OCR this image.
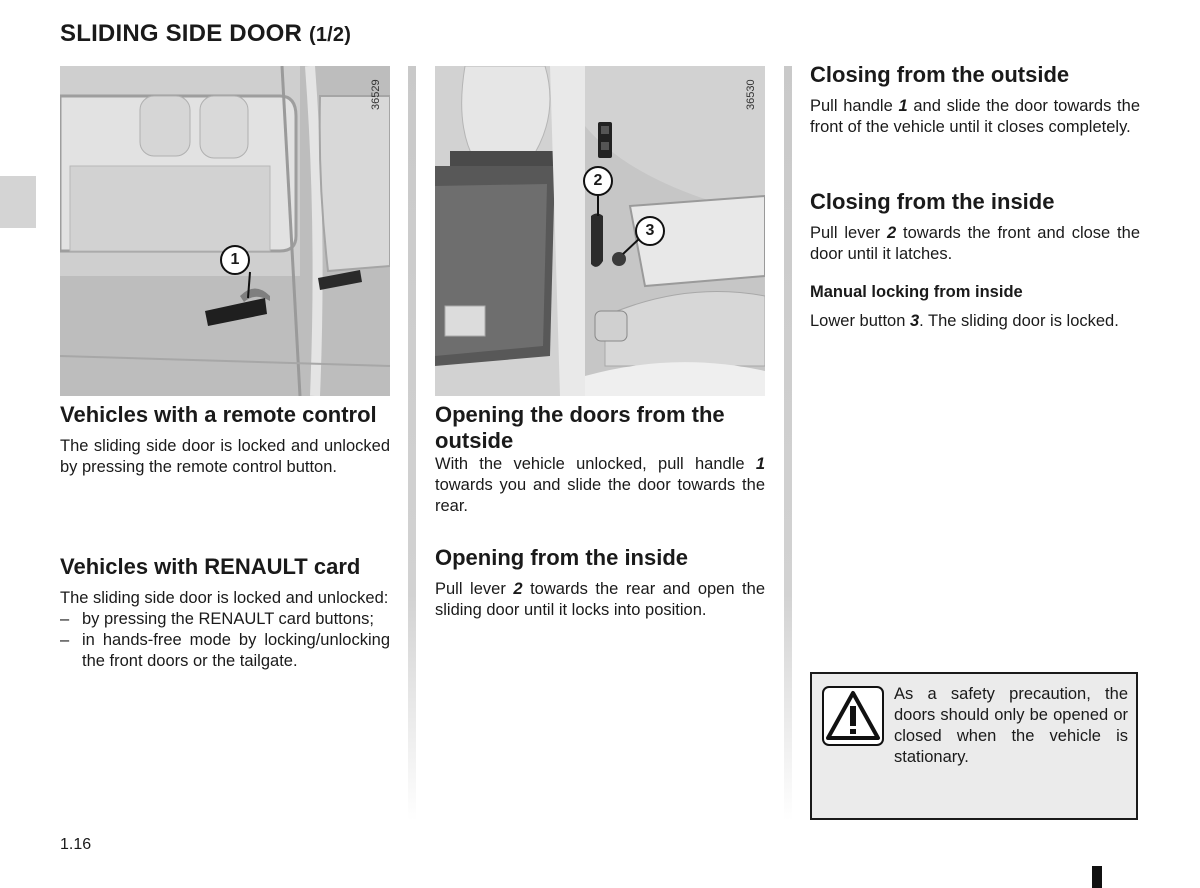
SLIDING SIDE DOOR (1/2)
36529
1
36530
2
3
Vehicles with a remote control
The sliding side door is locked and unlocked by pressing the remote control button.
Vehicles with RENAULT card
The sliding side door is locked and unlocked:
– by pressing the RENAULT card buttons;
– in hands-free mode by locking/unlocking the front doors or the tailgate.
Opening the doors from the outside
With the vehicle unlocked, pull handle 1 towards you and slide the door towards the rear.
Opening from the inside
Pull lever 2 towards the rear and open the sliding door until it locks into position.
Closing from the outside
Pull handle 1 and slide the door towards the front of the vehicle until it closes completely.
Closing from the inside
Pull lever 2 towards the front and close the door until it latches.
Manual locking from inside
Lower button 3. The sliding door is locked.
As a safety precaution, the doors should only be opened or closed when the vehicle is stationary.
1.16
